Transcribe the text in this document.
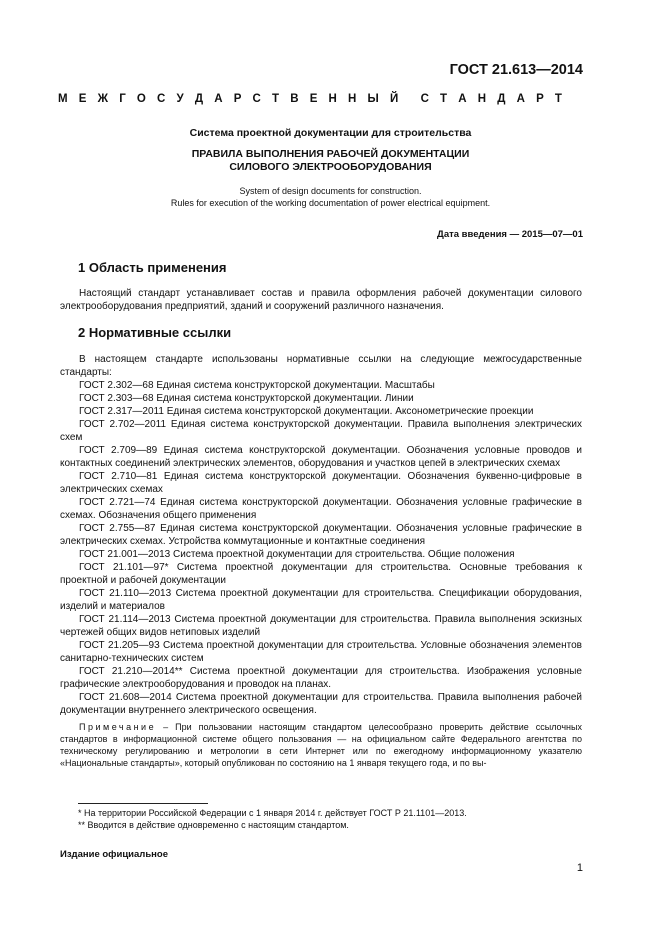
ГОСТ 21.613—2014
М Е Ж Г О С У Д А Р С Т В Е Н Н Ы Й С Т А Н Д А Р Т
Система проектной документации для строительства
ПРАВИЛА ВЫПОЛНЕНИЯ РАБОЧЕЙ ДОКУМЕНТАЦИИ
СИЛОВОГО ЭЛЕКТРООБОРУДОВАНИЯ
System of design documents for construction.
Rules for execution of the working documentation of power electrical equipment.
Дата введения — 2015—07—01
1 Область применения

Настоящий стандарт устанавливает состав и правила оформления рабочей документации силового электрооборудования предприятий, зданий и сооружений различного назначения.

2 Нормативные ссылки

В настоящем стандарте использованы нормативные ссылки на следующие межгосударственные стандарты:

ГОСТ 2.302—68 Единая система конструкторской документации. Масштабы

ГОСТ 2.303—68 Единая система конструкторской документации. Линии

ГОСТ 2.317—2011 Единая система конструкторской документации. Аксонометрические проекции

ГОСТ 2.702—2011 Единая система конструкторской документации. Правила выполнения электрических схем

ГОСТ 2.709—89 Единая система конструкторской документации. Обозначения условные проводов и контактных соединений электрических элементов, оборудования и участков цепей в электрических схемах

ГОСТ 2.710—81 Единая система конструкторской документации. Обозначения буквенно-цифровые в электрических схемах

ГОСТ 2.721—74 Единая система конструкторской документации. Обозначения условные графические в схемах. Обозначения общего применения

ГОСТ 2.755—87 Единая система конструкторской документации. Обозначения условные графические в электрических схемах. Устройства коммутационные и контактные соединения

ГОСТ 21.001—2013 Система проектной документации для строительства. Общие положения

ГОСТ 21.101—97* Система проектной документации для строительства. Основные требования к проектной и рабочей документации

ГОСТ 21.110—2013 Система проектной документации для строительства. Спецификации оборудования, изделий и материалов

ГОСТ 21.114—2013 Система проектной документации для строительства. Правила выполнения эскизных чертежей общих видов нетиповых изделий

ГОСТ 21.205—93 Система проектной документации для строительства. Условные обозначения элементов санитарно-технических систем

ГОСТ 21.210—2014** Система проектной документации для строительства. Изображения условные графические электрооборудования и проводок на планах.

ГОСТ 21.608—2014 Система проектной документации для строительства. Правила выполнения рабочей документации внутреннего электрического освещения.

Примечание – При пользовании настоящим стандартом целесообразно проверить действие ссылочных стандартов в информационной системе общего пользования — на официальном сайте Федерального агентства по техническому регулированию и метрологии в сети Интернет или по ежегодному информационному указателю «Национальные стандарты», который опубликован по состоянию на 1 января текущего года, и по вы-

* На территории Российской Федерации с 1 января 2014 г. действует ГОСТ Р 21.1101—2013.
** Вводится в действие одновременно с настоящим стандартом.
Издание официальное
1
